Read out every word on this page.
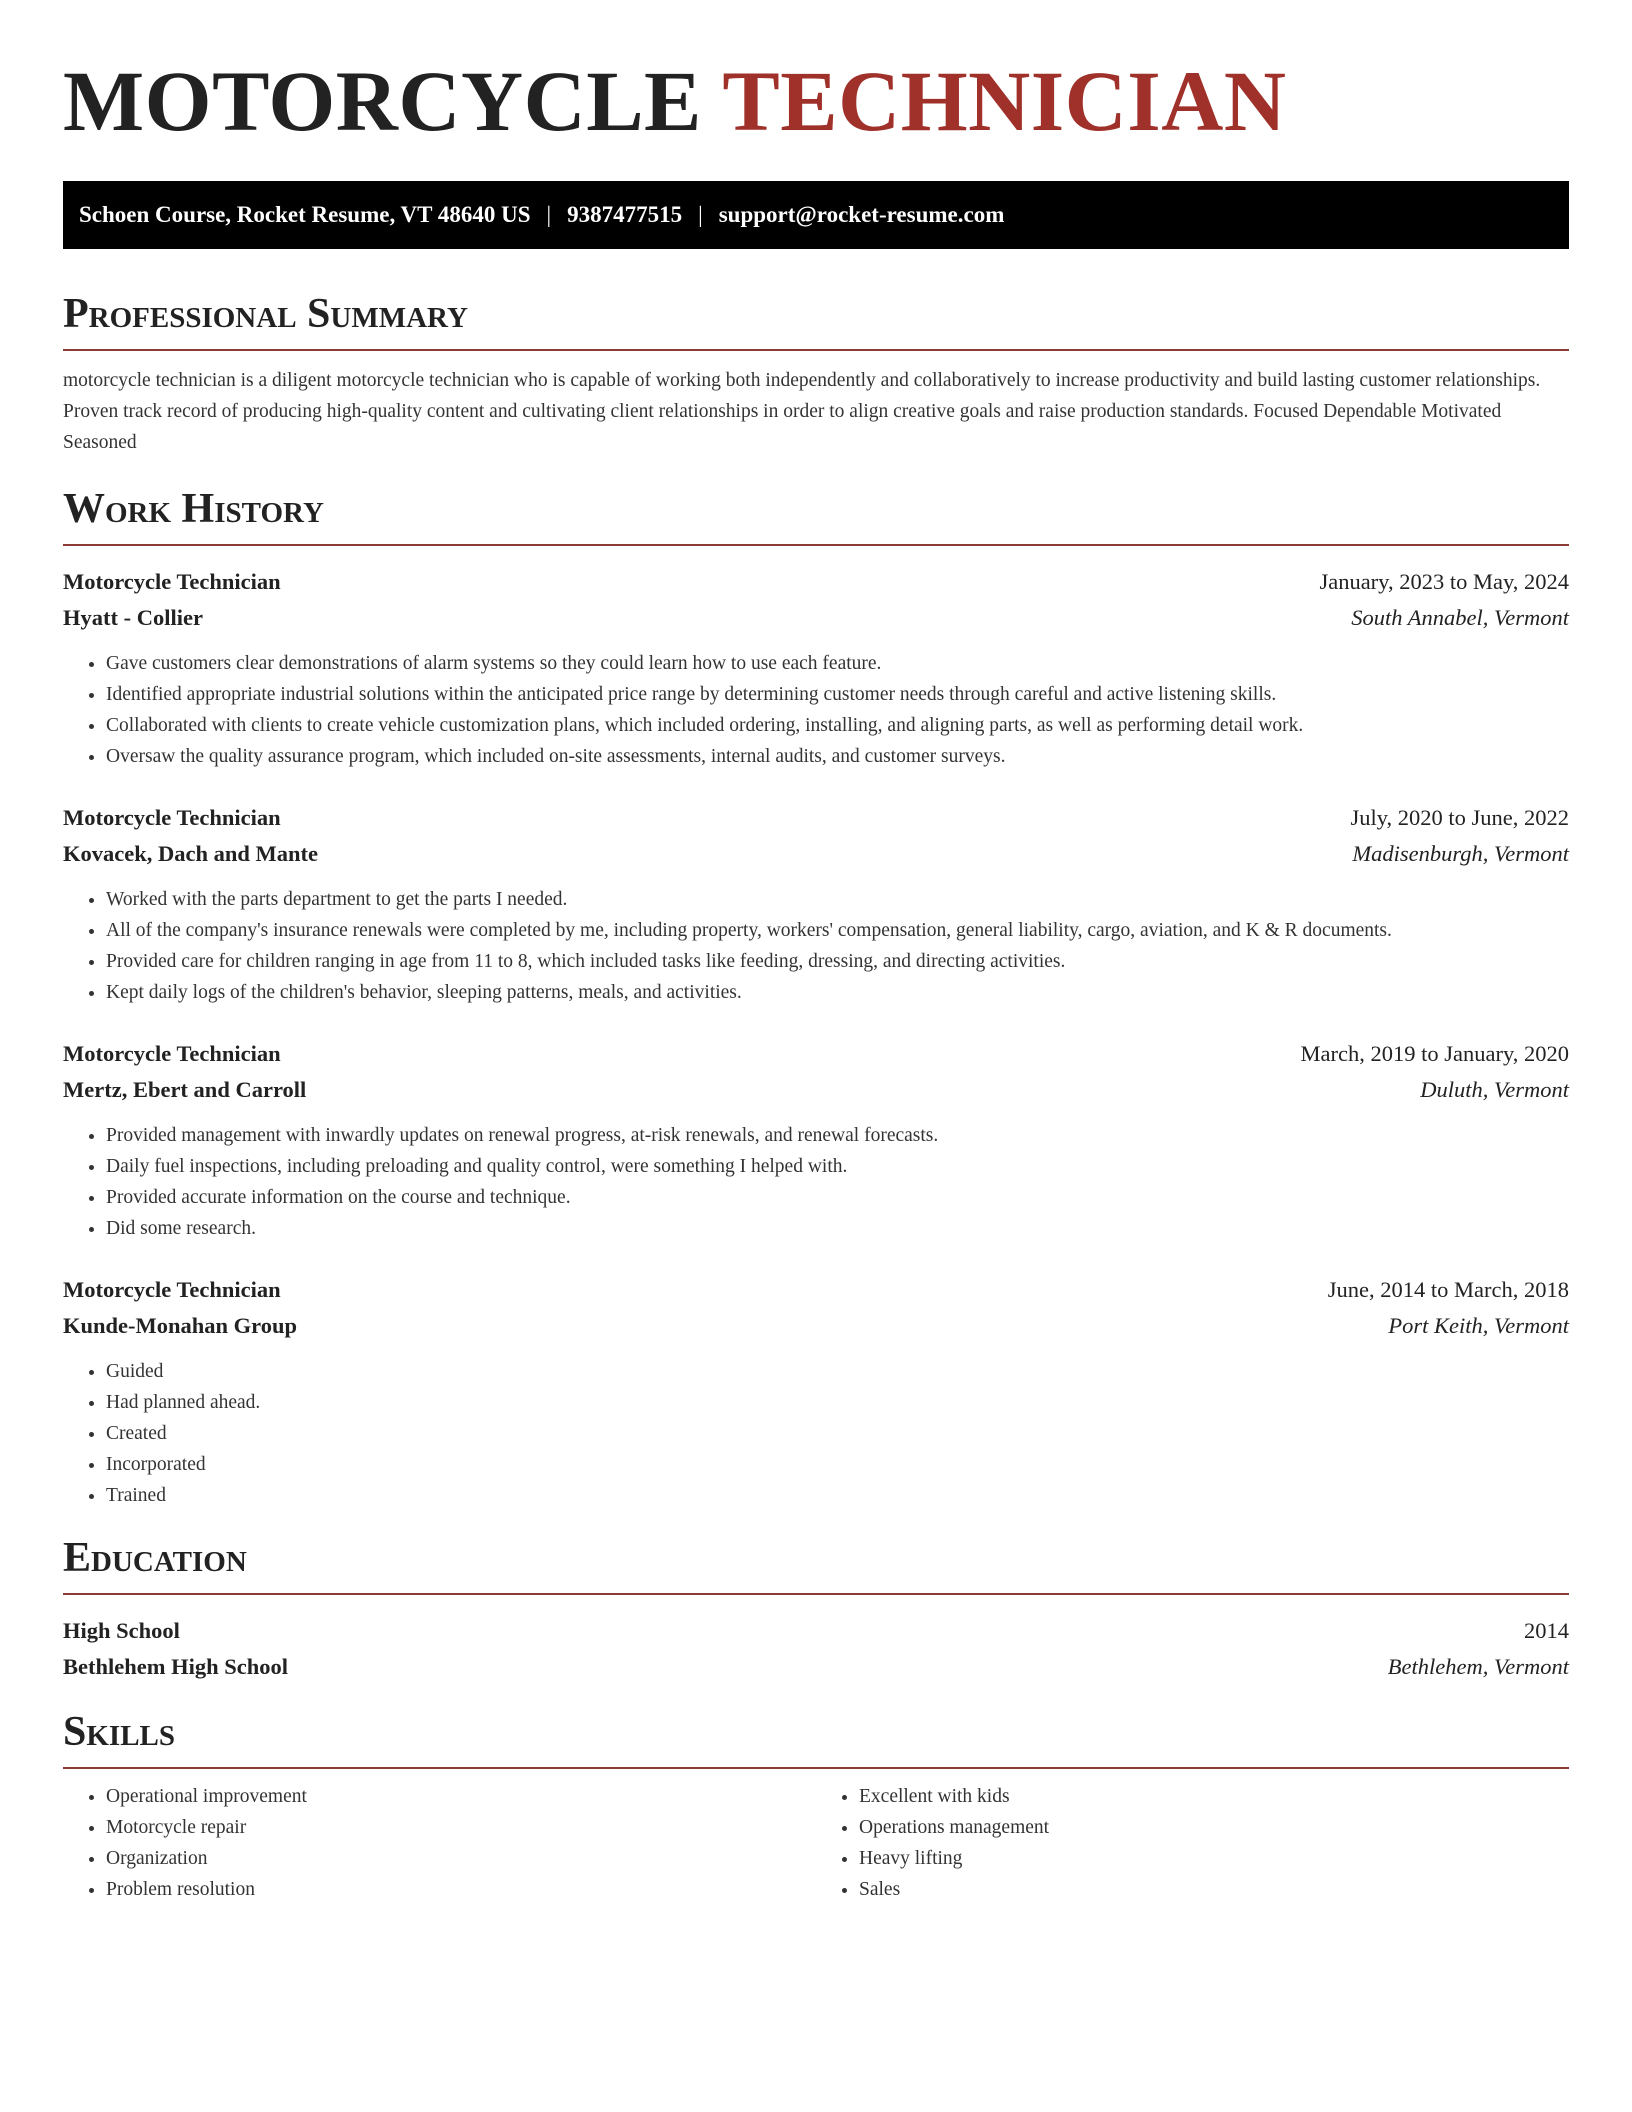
MOTORCYCLE TECHNICIAN
Schoen Course, Rocket Resume, VT 48640 US | 9387477515 | support@rocket-resume.com
Professional Summary

motorcycle technician is a diligent motorcycle technician who is capable of working both independently and collaboratively to increase productivity and build lasting customer relationships. Proven track record of producing high-quality content and cultivating client relationships in order to align creative goals and raise production standards. Focused Dependable Motivated Seasoned

Work History
Motorcycle Technician	January, 2023 to May, 2024
Hyatt - Collier	South Annabel, Vermont
• Gave customers clear demonstrations of alarm systems so they could learn how to use each feature.
• Identified appropriate industrial solutions within the anticipated price range by determining customer needs through careful and active listening skills.
• Collaborated with clients to create vehicle customization plans, which included ordering, installing, and aligning parts, as well as performing detail work.
• Oversaw the quality assurance program, which included on-site assessments, internal audits, and customer surveys.
Motorcycle Technician	July, 2020 to June, 2022
Kovacek, Dach and Mante	Madisenburgh, Vermont
• Worked with the parts department to get the parts I needed.
• All of the company's insurance renewals were completed by me, including property, workers' compensation, general liability, cargo, aviation, and K & R documents.
• Provided care for children ranging in age from 11 to 8, which included tasks like feeding, dressing, and directing activities.
• Kept daily logs of the children's behavior, sleeping patterns, meals, and activities.
Motorcycle Technician	March, 2019 to January, 2020
Mertz, Ebert and Carroll	Duluth, Vermont
• Provided management with inwardly updates on renewal progress, at-risk renewals, and renewal forecasts.
• Daily fuel inspections, including preloading and quality control, were something I helped with.
• Provided accurate information on the course and technique.
• Did some research.
Motorcycle Technician	June, 2014 to March, 2018
Kunde-Monahan Group	Port Keith, Vermont
• Guided
• Had planned ahead.
• Created
• Incorporated
• Trained
Education
High School	2014
Bethlehem High School	Bethlehem, Vermont
Skills
• Operational improvement
• Motorcycle repair
• Organization
• Problem resolution
• Excellent with kids
• Operations management
• Heavy lifting
• Sales
